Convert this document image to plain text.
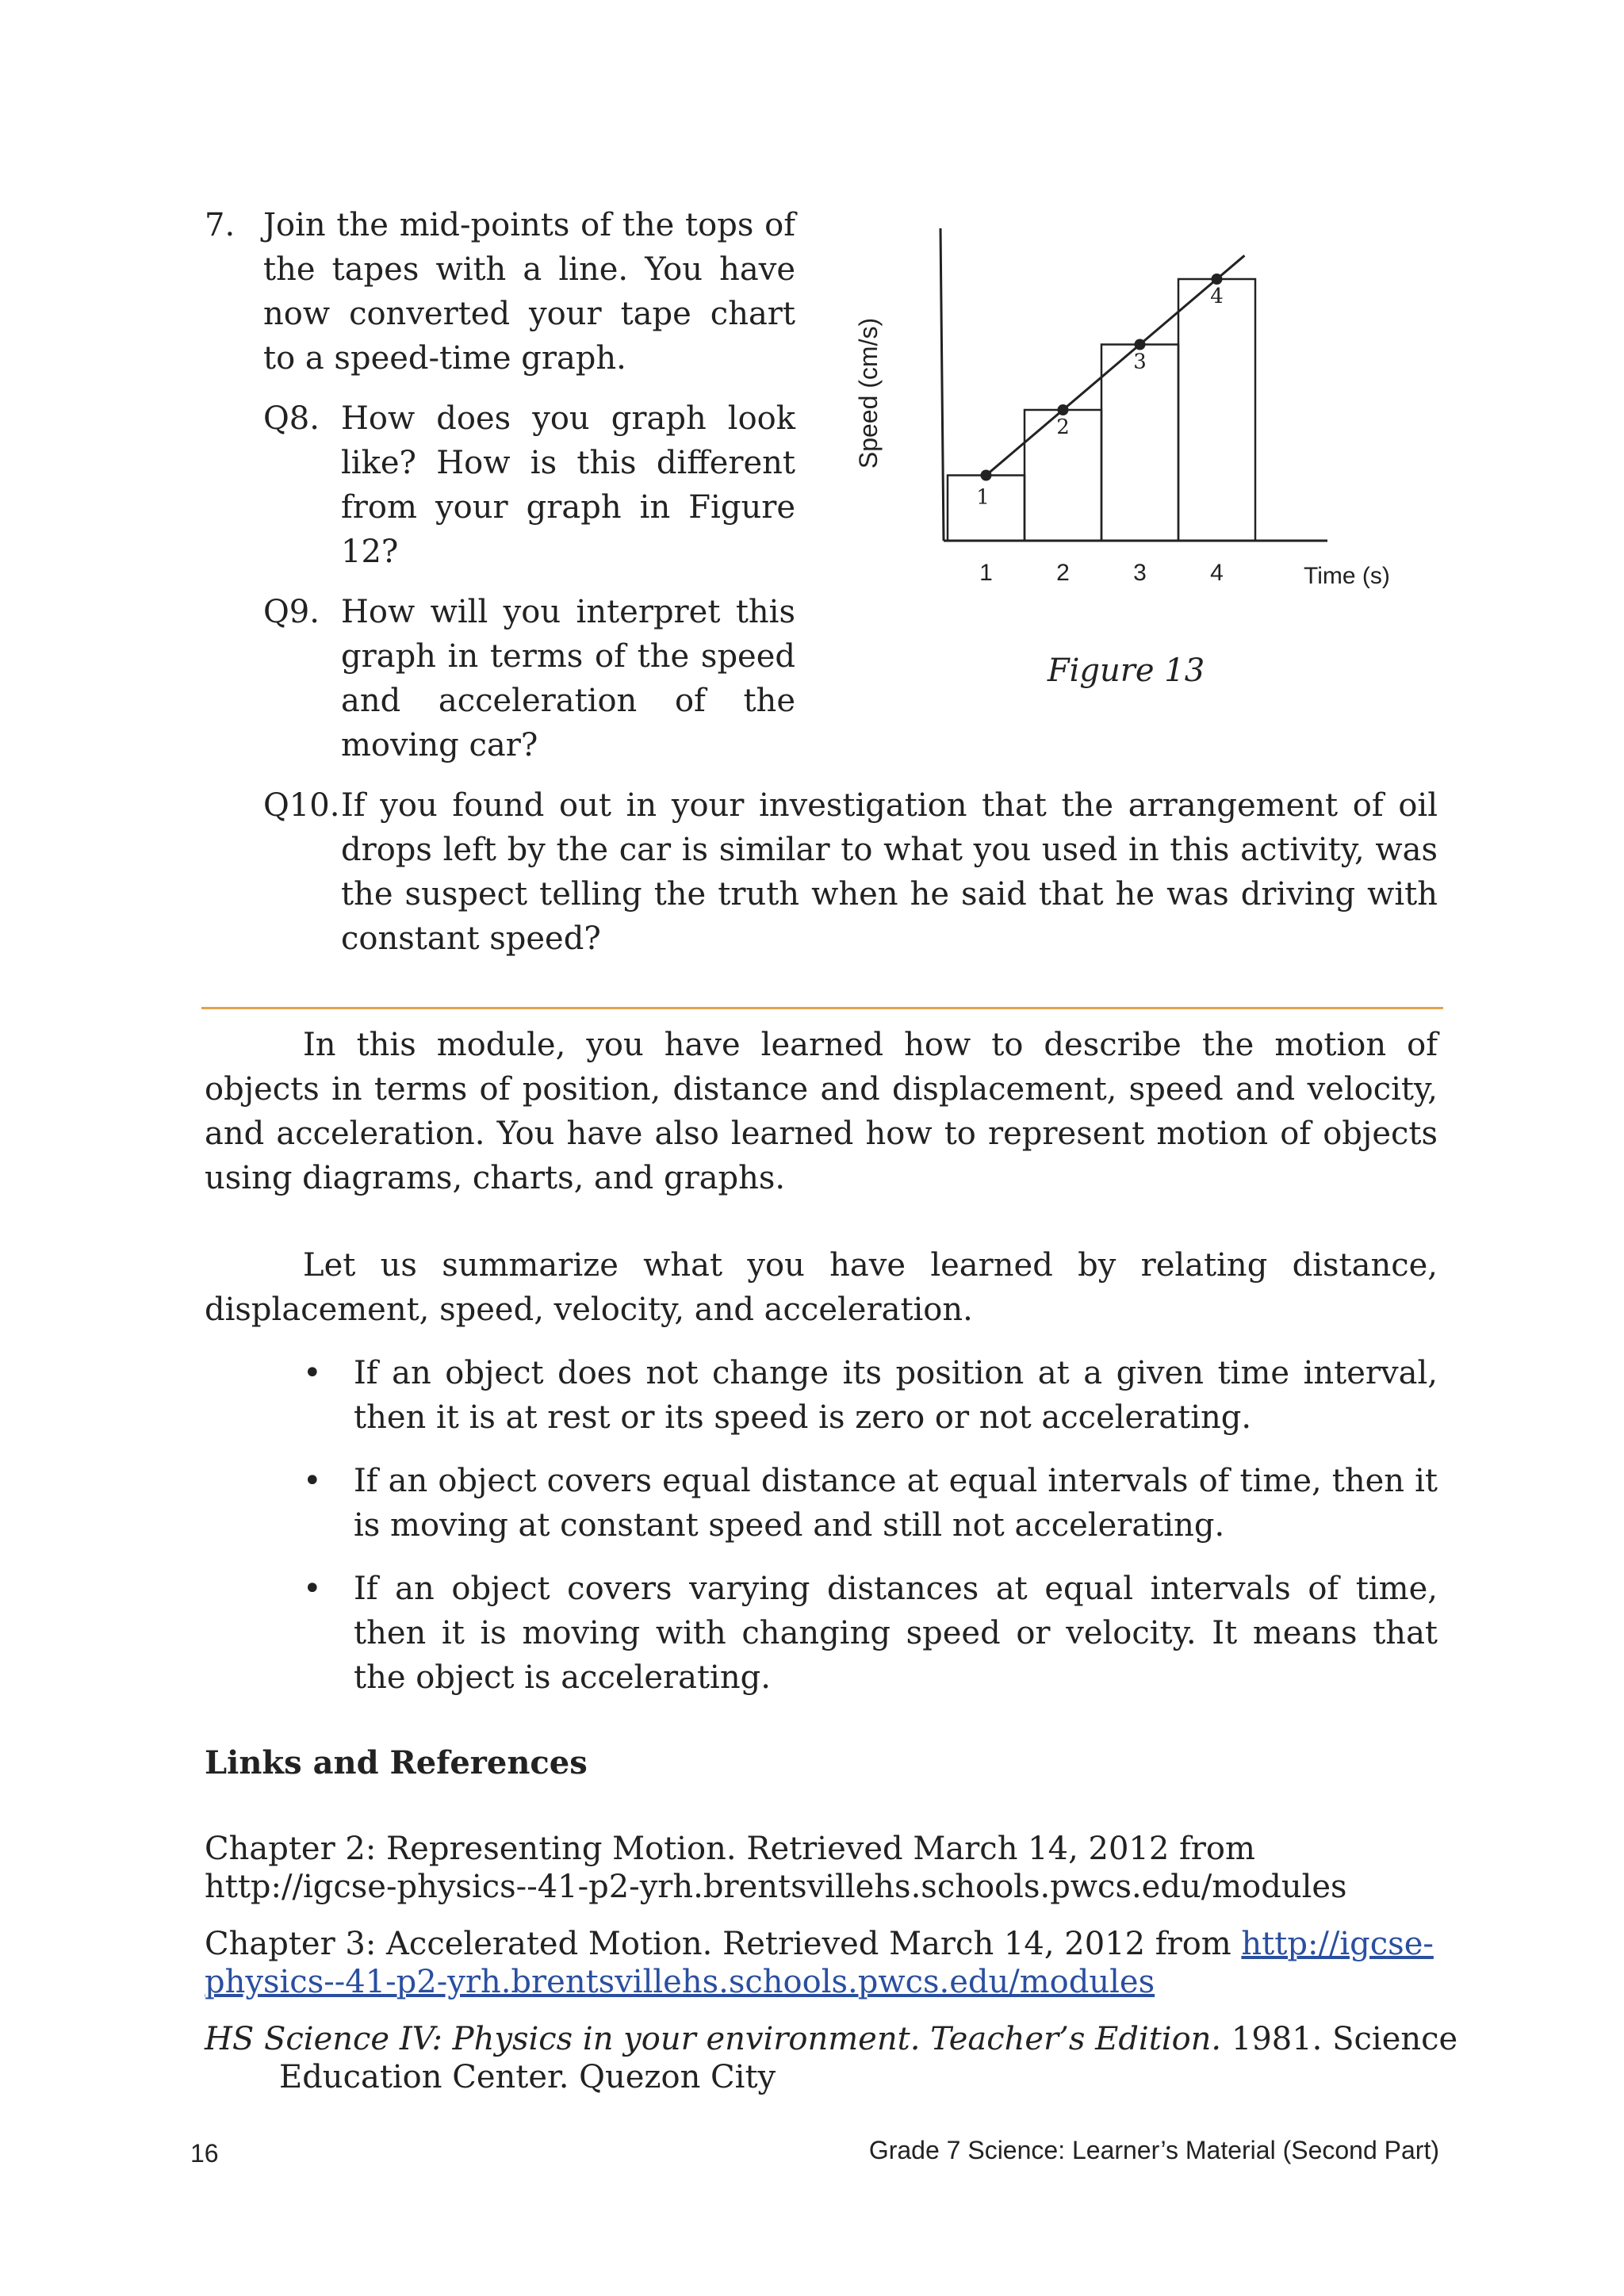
7. Join the mid-points of the tops of the tapes with a line. You have now converted your tape chart to a speed-time graph.
Q8. How does you graph look like? How is this different from your graph in Figure 12?
Q9. How will you interpret this graph in terms of the speed and acceleration of the moving car?
1
1
2
2
3
3
4
4	Time (s)
Speed (cm/s)
Figure 13
Q10. If you found out in your investigation that the arrangement of oil drops left by the car is similar to what you used in this activity, was the suspect telling the truth when he said that he was driving with constant speed?
In this module, you have learned how to describe the motion of objects in terms of position, distance and displacement, speed and velocity, and acceleration. You have also learned how to represent motion of objects using diagrams, charts, and graphs.
Let us summarize what you have learned by relating distance, displacement, speed, velocity, and acceleration.
• If an object does not change its position at a given time interval, then it is at rest or its speed is zero or not accelerating.
• If an object covers equal distance at equal intervals of time, then it is moving at constant speed and still not accelerating.
• If an object covers varying distances at equal intervals of time, then it is moving with changing speed or velocity. It means that the object is accelerating.
Links and References
Chapter 2: Representing Motion. Retrieved March 14, 2012 from
http://igcse-physics--41-p2-yrh.brentsvillehs.schools.pwcs.edu/modules
Chapter 3: Accelerated Motion. Retrieved March 14, 2012 from http://igcse-physics--41-p2-yrh.brentsvillehs.schools.pwcs.edu/modules
HS Science IV: Physics in your environment. Teacher’s Edition. 1981. Science Education Center. Quezon City
16	Grade 7 Science: Learner’s Material (Second Part)
